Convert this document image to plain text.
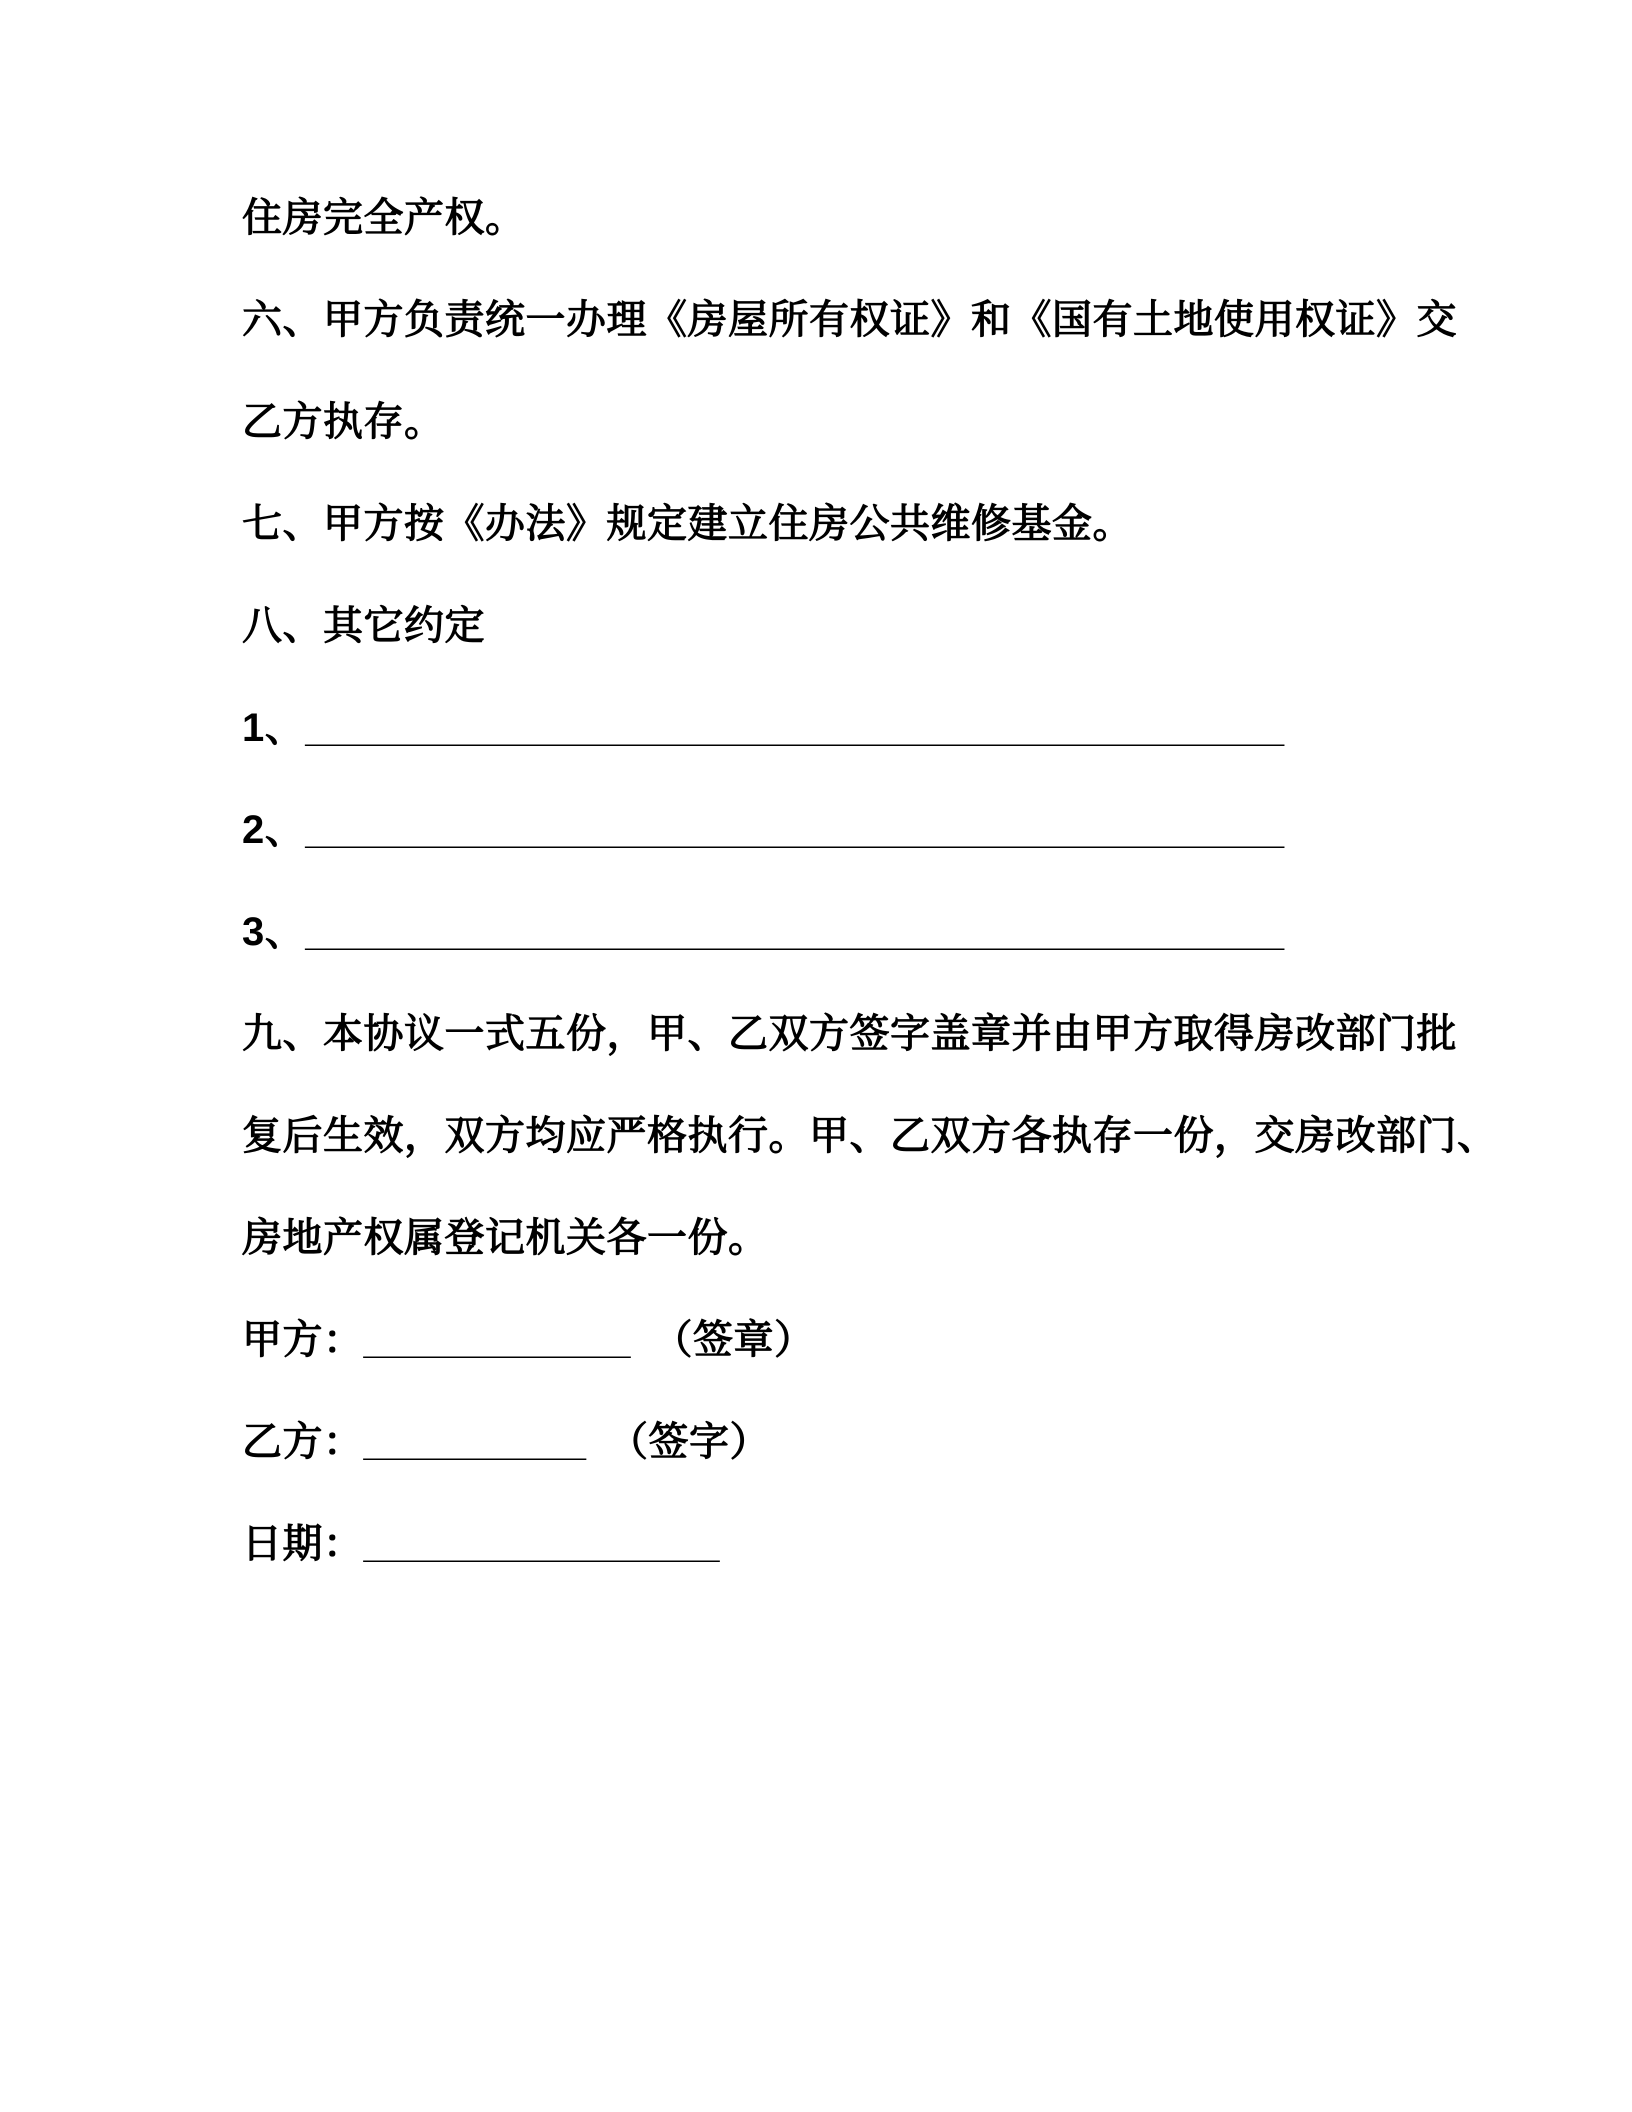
住房完全产权。
六、甲方负责统一办理《房屋所有权证》和《国有土地使用权证》交
乙方执存。
七、甲方按《办法》规定建立住房公共维修基金。
八、其它约定
1、____________________________________________
2、____________________________________________
3、____________________________________________
九、本协议一式五份，甲、乙双方签字盖章并由甲方取得房改部门批
复后生效，双方均应严格执行。甲、乙双方各执存一份，交房改部门、
房地产权属登记机关各一份。
甲方：____________ （签章）
乙方：__________ （签字）
日期：________________
